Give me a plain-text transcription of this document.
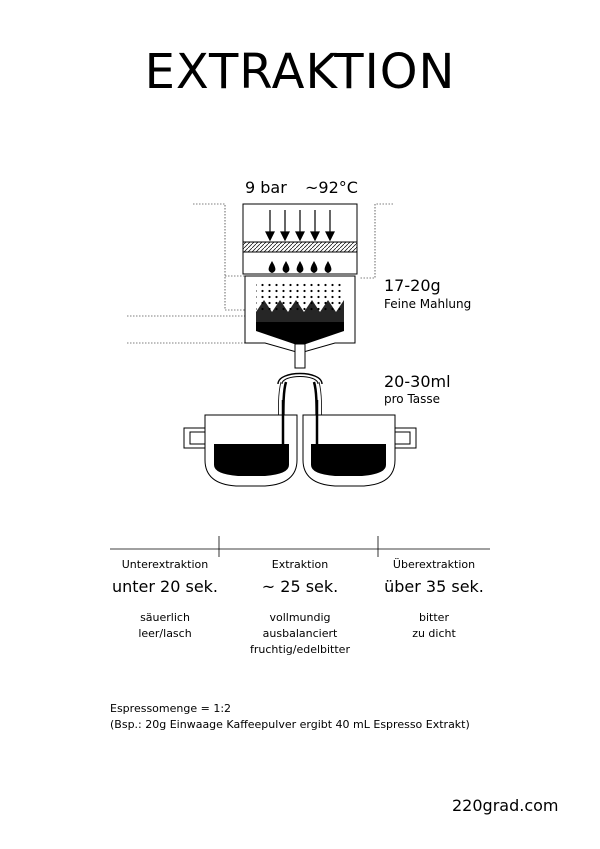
EXTRAKTION
9 bar ~92°C
17-20g
Feine Mahlung
20-30ml
pro Tasse
Unterextraktion
unter 20 sek.
säuerlich
leer/lasch
Extraktion
~ 25 sek.
vollmundig
ausbalanciert
fruchtig/edelbitter
Überextraktion
über 35 sek.
bitter
zu dicht
Espressomenge = 1:2
(Bsp.: 20g Einwaage Kaffeepulver ergibt 40 mL Espresso Extrakt)
220grad.com
